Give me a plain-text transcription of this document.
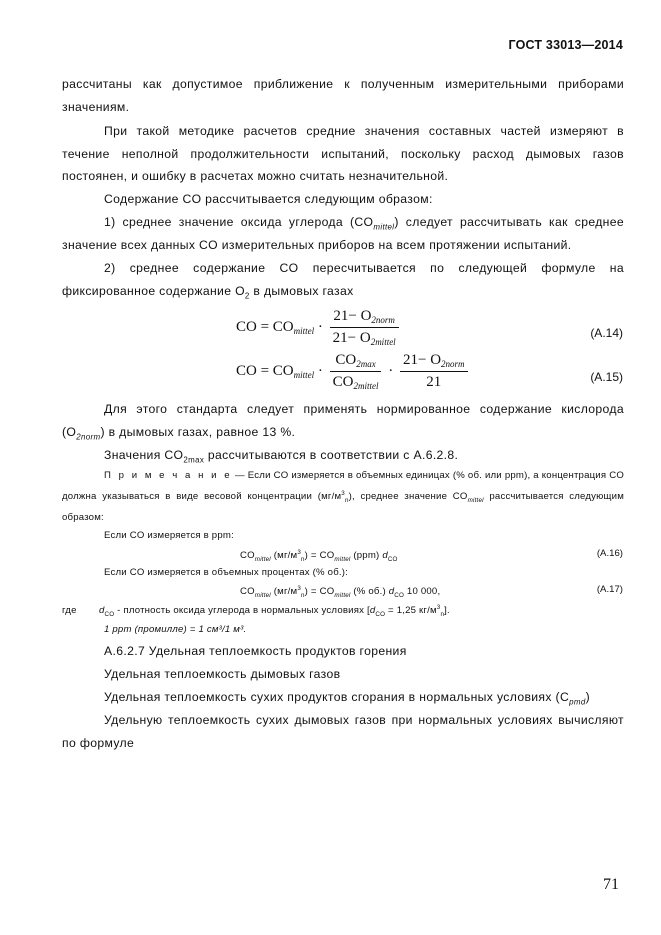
ГОСТ 33013—2014
рассчитаны как допустимое приближение к полученным измерительными приборами значениям.
При такой методике расчетов средние значения составных частей измеряют в течение неполной продолжительности испытаний, поскольку расход дымовых газов постоянен, и ошибку в расчетах можно считать незначительной.
Содержание CO рассчитывается следующим образом:
1) среднее значение оксида углерода $(CO_{mittel})$ следует рассчитывать как среднее значение всех данных CO измерительных приборов на всем протяжении испытаний.
2) среднее содержание CO пересчитывается по следующей формуле на фиксированное содержание $O_2$ в дымовых газах
CO = $CO_{mittel} \cdot \frac{21- O_{2norm}}{21- O_{2mittel}}$	(A.14)
CO = $CO_{mittel} \cdot \frac{CO_{2max}}{CO_{2mittel}} \cdot \frac{21- O_{2norm}}{21}$	(A.15)
Для этого стандарта следует применять нормированное содержание кислорода $(O_{2norm})$ в дымовых газах, равное 13 %.
Значения $CO_{2max}$ рассчитываются в соответствии с А.6.2.8.
П р и м е ч а н и е — Если CO измеряется в объемных единицах (% об. или ppm), а концентрация CO должна указываться в виде весовой концентрации $(мг/м^3_n)$, среднее значение $CO_{mittel}$ рассчитывается следующим образом:
Если CO измеряется в ppm:
$CO_{mittel}$ $(мг/м^3_n) = CO_{mittel}$ (ppm) $d_{CO}$
(A.16)
Если CO измеряется в объемных процентах (% об.):
$CO_{mittel}$ $(мг/м^3_n) = CO_{mittel}$ (% об.) $d_{CO}$ 10 000,	(A.17)
где $d_{CO}$ - плотность оксида углерода в нормальных условиях [$d_{CO} = 1,25$ $кг/м^3_n$].
1 ppm (промилле) = 1 см³/1 м³.
А.6.2.7 Удельная теплоемкость продуктов горения
Удельная теплоемкость дымовых газов
Удельная теплоемкость сухих продуктов сгорания в нормальных условиях $(C_{pmd})$
Удельную теплоемкость сухих дымовых газов при нормальных условиях вычисляют по формуле
71
